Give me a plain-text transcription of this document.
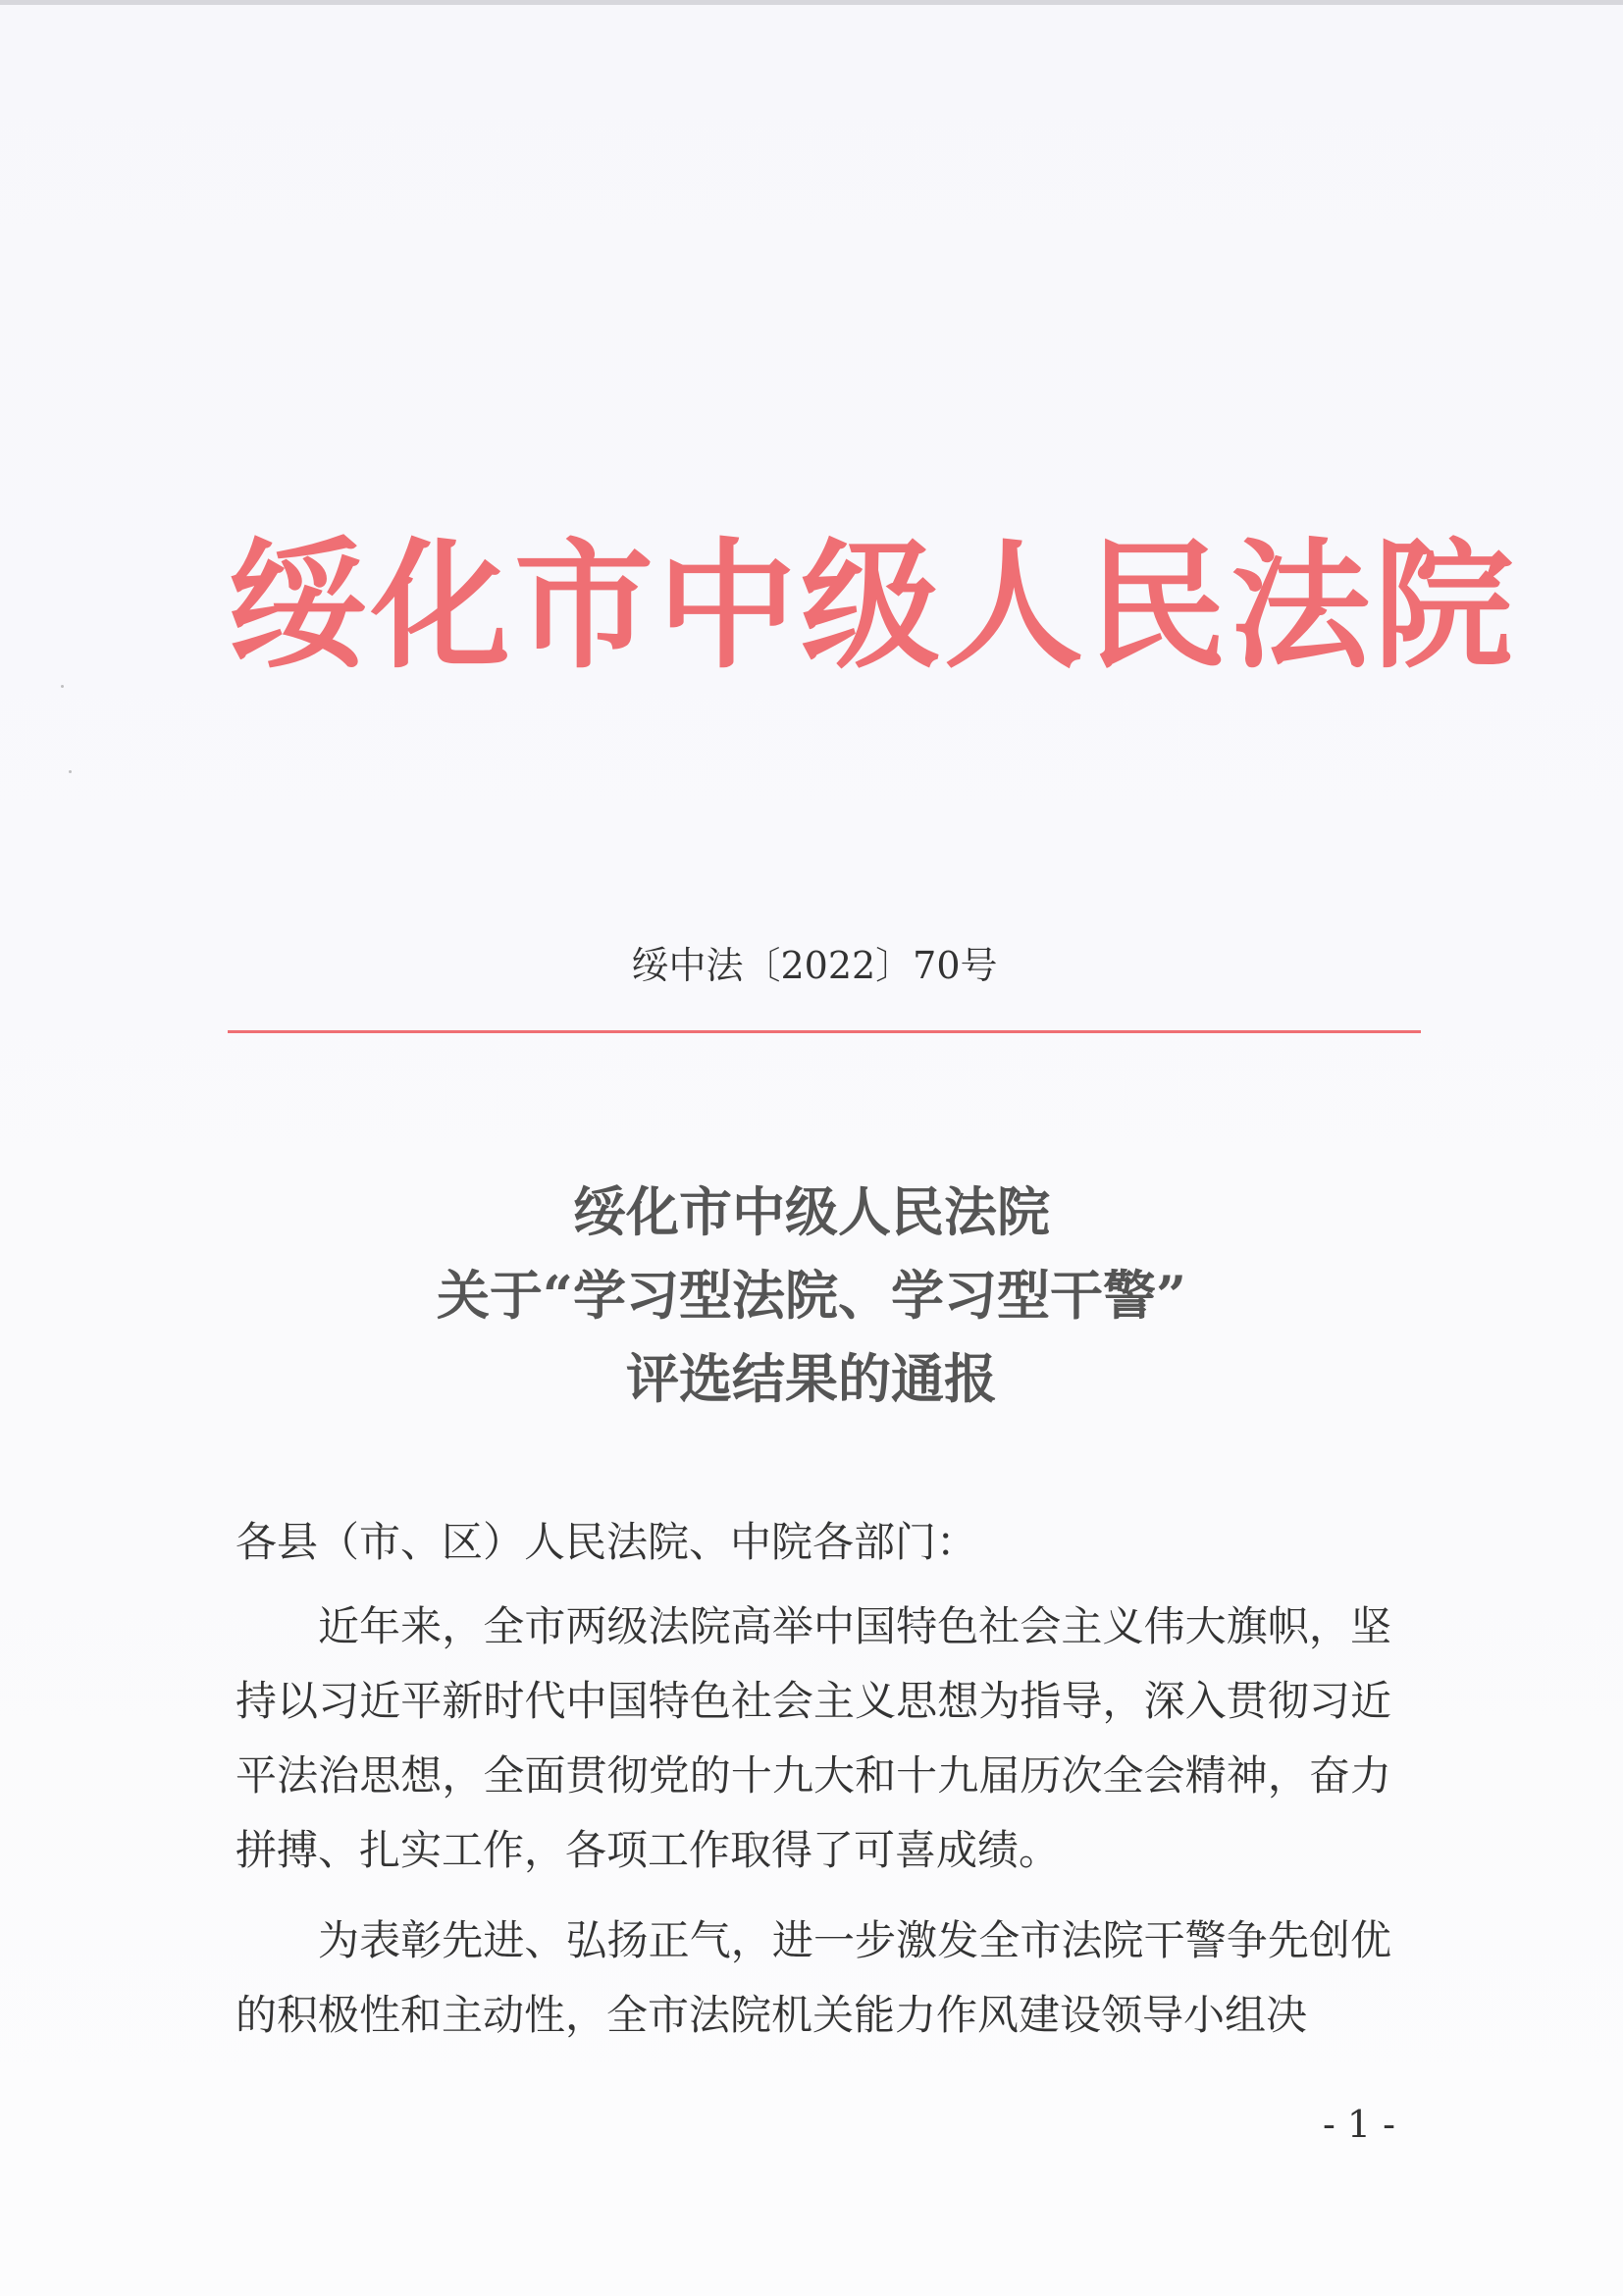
绥化市中级人民法院

绥中法〔2022〕70号

绥化市中级人民法院
关于“学习型法院、学习型干警”
评选结果的通报

各县（市、区）人民法院、中院各部门：

近年来，全市两级法院高举中国特色社会主义伟大旗帜，坚持以习近平新时代中国特色社会主义思想为指导，深入贯彻习近平法治思想，全面贯彻党的十九大和十九届历次全会精神，奋力拼搏、扎实工作，各项工作取得了可喜成绩。

为表彰先进、弘扬正气，进一步激发全市法院干警争先创优的积极性和主动性，全市法院机关能力作风建设领导小组决

- 1 -
